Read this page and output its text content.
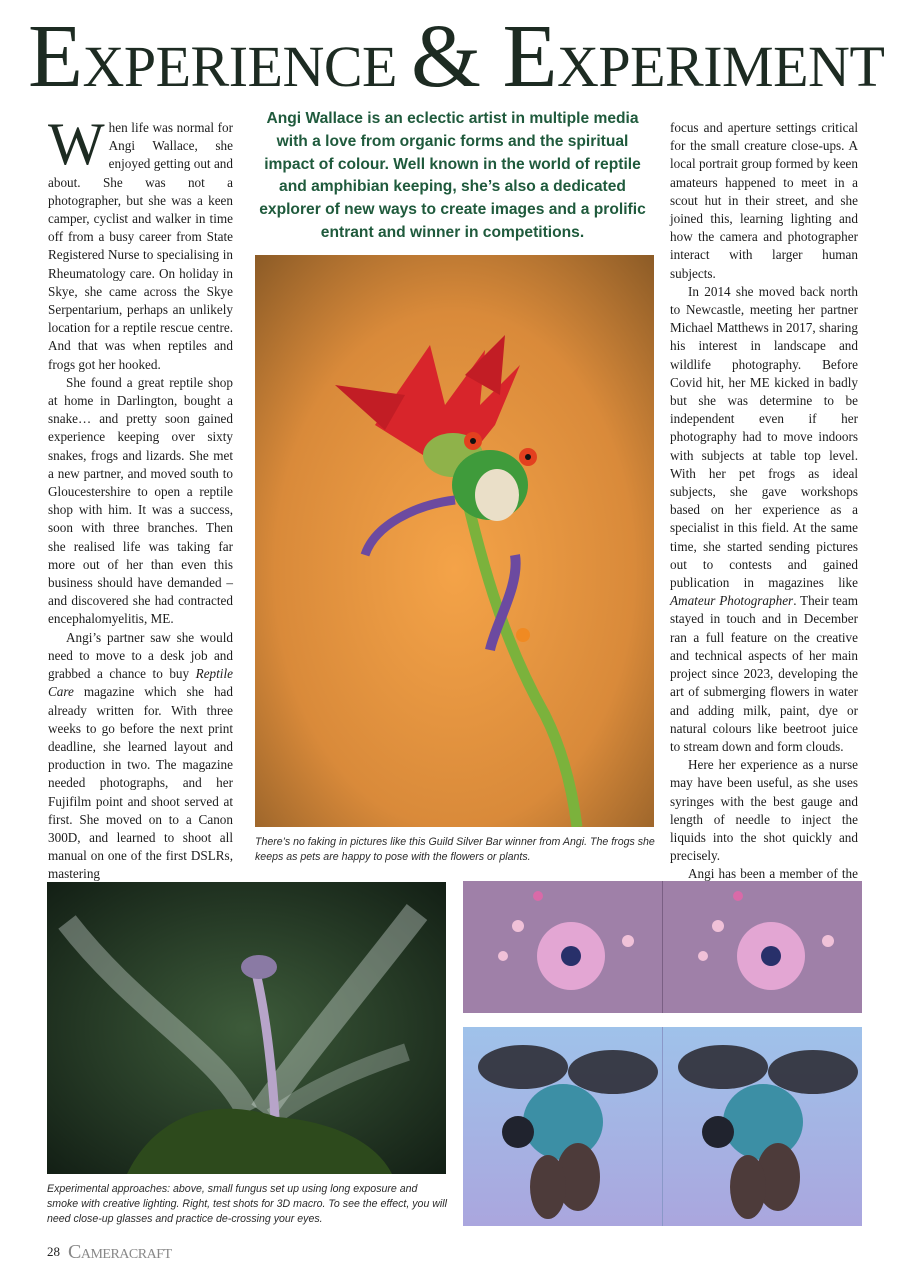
EXPERIENCE & EXPERIMENT

When life was normal for Angi Wallace, she enjoyed getting out and about. She was not a photographer, but she was a keen camper, cyclist and walker in time off from a busy career from State Registered Nurse to specialising in Rheumatology care. On holiday in Skye, she came across the Skye Serpentarium, perhaps an unlikely location for a reptile rescue centre. And that was when reptiles and frogs got her hooked.

She found a great reptile shop at home in Darlington, bought a snake… and pretty soon gained experience keeping over sixty snakes, frogs and lizards. She met a new partner, and moved south to Gloucestershire to open a reptile shop with him. It was a success, soon with three branches. Then she realised life was taking far more out of her than even this business should have demanded – and discovered she had contracted encephalomyelitis, ME.

Angi’s partner saw she would need to move to a desk job and grabbed a chance to buy Reptile Care magazine which she had already written for. With three weeks to go before the next print deadline, she learned layout and production in two. The magazine needed photographs, and her Fujifilm point and shoot served at first. She moved on to a Canon 300D, and learned to shoot all manual on one of the first DSLRs, mastering

Angi Wallace is an eclectic artist in multiple media with a love from organic forms and the spiritual impact of colour. Well known in the world of reptile and amphibian keeping, she’s also a dedicated explorer of new ways to create images and a prolific entrant and winner in competitions.
There’s no faking in pictures like this Guild Silver Bar winner from Angi. The frogs she keeps as pets are happy to pose with the flowers or plants.

focus and aperture settings critical for the small creature close-ups. A local portrait group formed by keen amateurs happened to meet in a scout hut in their street, and she joined this, learning lighting and how the camera and photographer interact with larger human subjects.

In 2014 she moved back north to Newcastle, meeting her partner Michael Matthews in 2017, sharing his interest in landscape and wildlife photography. Before Covid hit, her ME kicked in badly but she was determine to be independent even if her photography had to move indoors with subjects at table top level. With her pet frogs as ideal subjects, she gave workshops based on her experience as a specialist in this field. At the same time, she started sending pictures out to contests and gained publication in magazines like Amateur Photographer. Their team stayed in touch and in December ran a full feature on the creative and technical aspects of her main project since 2023, developing the art of submerging flowers in water and adding milk, paint, dye or natural colours like beetroot juice to stream down and form clouds.

Here her experience as a nurse may have been useful, as she uses syringes with the best gauge and length of needle to inject the liquids into the shot quickly and precisely.

Angi has been a member of the

Experimental approaches: above, small fungus set up using long exposure and smoke with creative lighting. Right, test shots for 3D macro. To see the effect, you will need close-up glasses and practice de-crossing your eyes.
28 CAMERACRAFT
